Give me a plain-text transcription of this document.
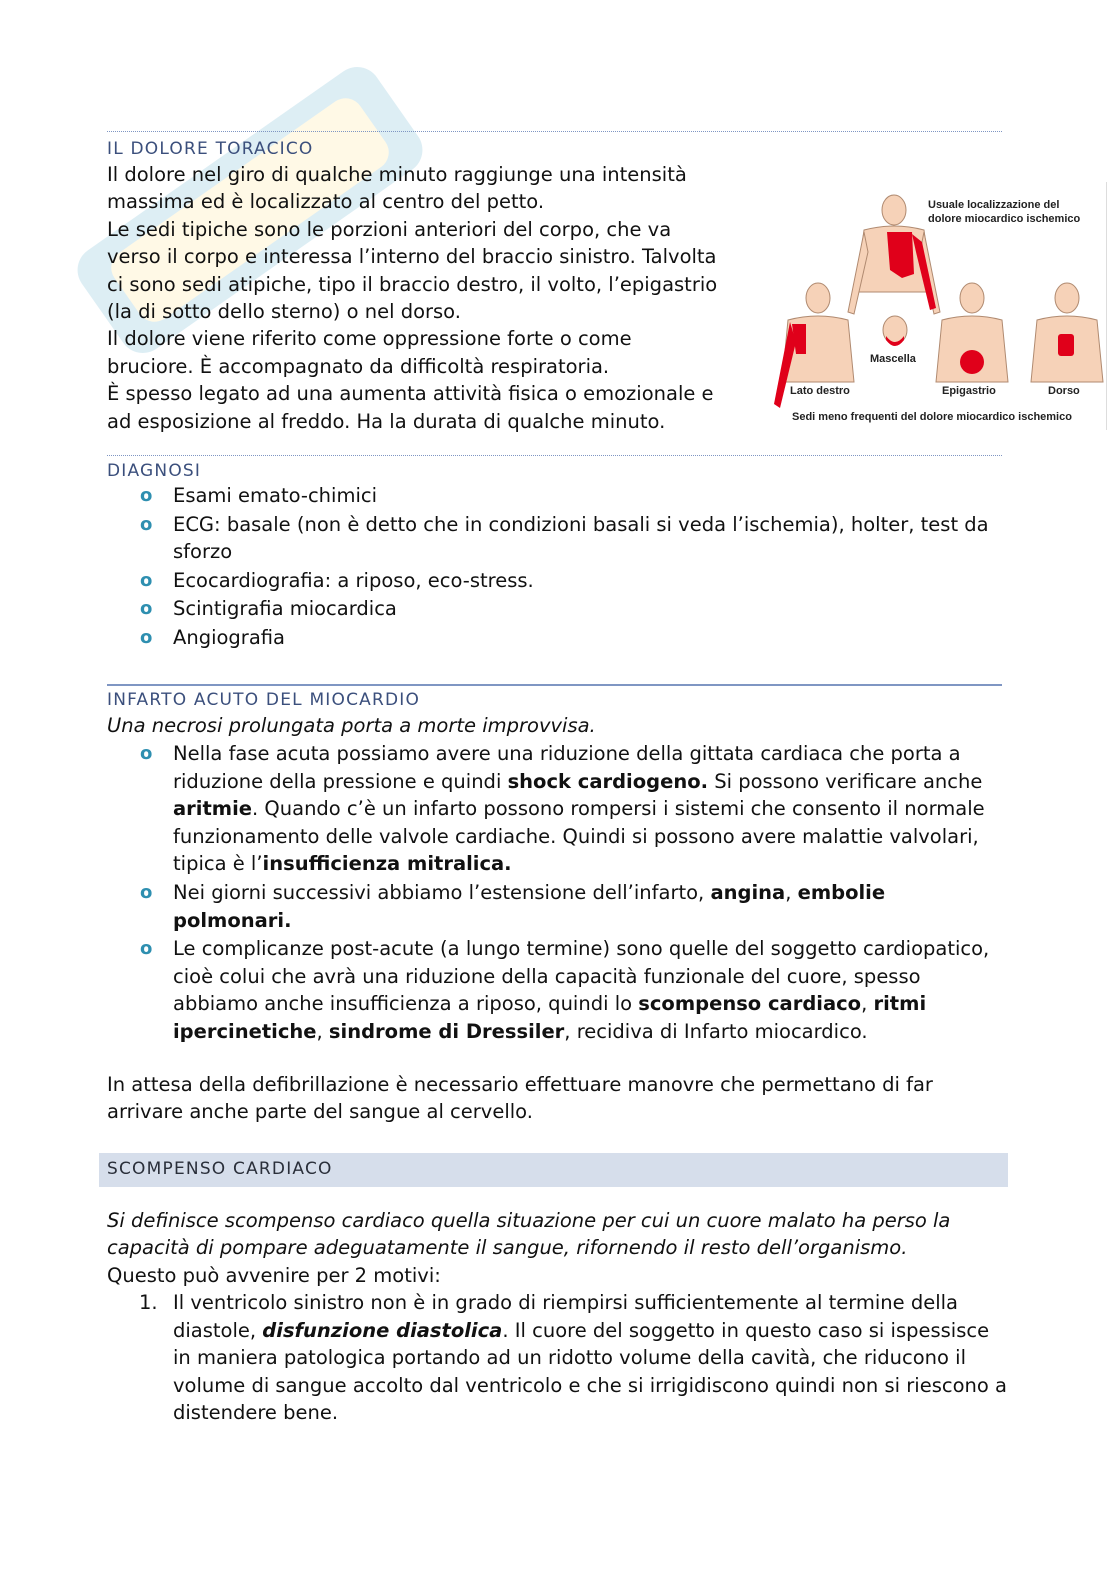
IL DOLORE TORACICO
Il dolore nel giro di qualche minuto raggiunge una intensità
massima ed è localizzato al centro del petto.
Le sedi tipiche sono le porzioni anteriori del corpo, che va
verso il corpo e interessa l’interno del braccio sinistro. Talvolta
ci sono sedi atipiche, tipo il braccio destro, il volto, l’epigastrio
(la di sotto dello sterno) o nel dorso.
Il dolore viene riferito come oppressione forte o come
bruciore. È accompagnato da difficoltà respiratoria.
È spesso legato ad una aumenta attività fisica o emozionale e
ad esposizione al freddo. Ha la durata di qualche minuto.
Usuale localizzazione del
dolore miocardico ischemico
Mascella
Lato destro	Epigastrio	Dorso
Sedi meno frequenti del dolore miocardico ischemico
DIAGNOSI
o Esami emato-chimici
o ECG: basale (non è detto che in condizioni basali si veda l’ischemia), holter, test da sforzo
o Ecocardiografia: a riposo, eco-stress.
o Scintigrafia miocardica
o Angiografia
INFARTO ACUTO DEL MIOCARDIO

Una necrosi prolungata porta a morte improvvisa.

o Nella fase acuta possiamo avere una riduzione della gittata cardiaca che porta a riduzione della pressione e quindi shock cardiogeno. Si possono verificare anche aritmie. Quando c’è un infarto possono rompersi i sistemi che consento il normale funzionamento delle valvole cardiache. Quindi si possono avere malattie valvolari, tipica è l’insufficienza mitralica.
o Nei giorni successivi abbiamo l’estensione dell’infarto, angina, embolie polmonari.
o Le complicanze post-acute (a lungo termine) sono quelle del soggetto cardiopatico, cioè colui che avrà una riduzione della capacità funzionale del cuore, spesso abbiamo anche insufficienza a riposo, quindi lo scompenso cardiaco, ritmi ipercinetiche, sindrome di Dressiler, recidiva di Infarto miocardico.

In attesa della defibrillazione è necessario effettuare manovre che permettano di far arrivare anche parte del sangue al cervello.

SCOMPENSO CARDIACO

Si definisce scompenso cardiaco quella situazione per cui un cuore malato ha perso la capacità di pompare adeguatamente il sangue, rifornendo il resto dell’organismo.

Questo può avvenire per 2 motivi:

1. Il ventricolo sinistro non è in grado di riempirsi sufficientemente al termine della diastole, disfunzione diastolica. Il cuore del soggetto in questo caso si ispessisce in maniera patologica portando ad un ridotto volume della cavità, che riducono il volume di sangue accolto dal ventricolo e che si irrigidiscono quindi non si riescono a distendere bene.
